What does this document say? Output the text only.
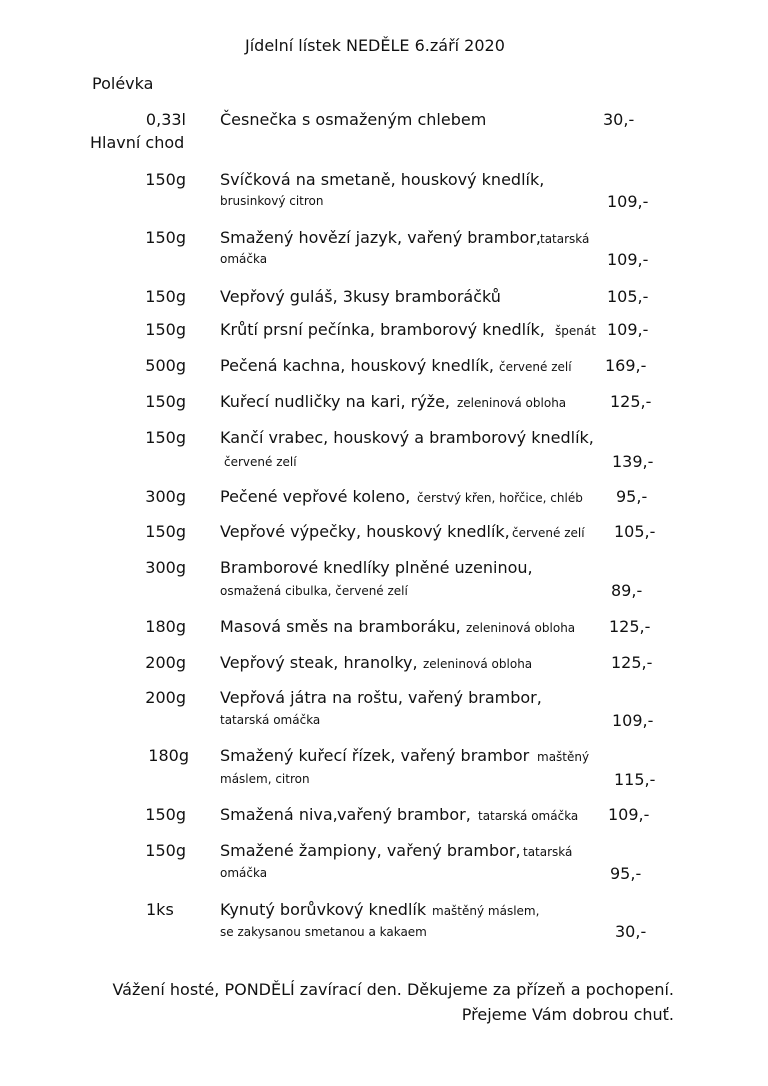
Jídelní lístek NEDĚLE 6.září 2020
Polévka
0,33l Česnečka s osmaženým chlebem	30,-
Hlavní chod
150g Svíčková na smetaně, houskový knedlík,
brusinkový citron	109,-
150g Smažený hovězí jazyk, vařený brambor, tatarská
omáčka	109,-
150g Vepřový guláš, 3kusy bramboráčků	105,-
150g Krůtí prsní pečínka, bramborový knedlík, špenát 109,-
500g Pečená kachna, houskový knedlík, červené zelí 169,-
150g Kuřecí nudličky na kari, rýže, zeleninová obloha	125,-
150g Kančí vrabec, houskový a bramborový knedlík,
červené zelí	139,-
300g Pečené vepřové koleno, čerstvý křen, hořčice, chléb 95,-
150g Vepřové výpečky, houskový knedlík, červené zelí 105,-
300g Bramborové knedlíky plněné uzeninou,
osmažená cibulka, červené zelí	89,-
180g Masová směs na bramboráku, zeleninová obloha 125,-
200g Vepřový steak, hranolky, zeleninová obloha	125,-
200g Vepřová játra na roštu, vařený brambor,
tatarská omáčka	109,-
180g Smažený kuřecí řízek, vařený brambor maštěný
máslem, citron	115,-
150g Smažená niva, vařený brambor, tatarská omáčka 109,-
150g Smažené žampiony, vařený brambor, tatarská
omáčka	95,-
1ks	Kynutý borůvkový knedlík maštěný máslem,
se zakysanou smetanou a kakaem	30,-
Vážení hosté, PONDĚLÍ zavírací den. Děkujeme za přízeň a pochopení.
Přejeme Vám dobrou chuť.
